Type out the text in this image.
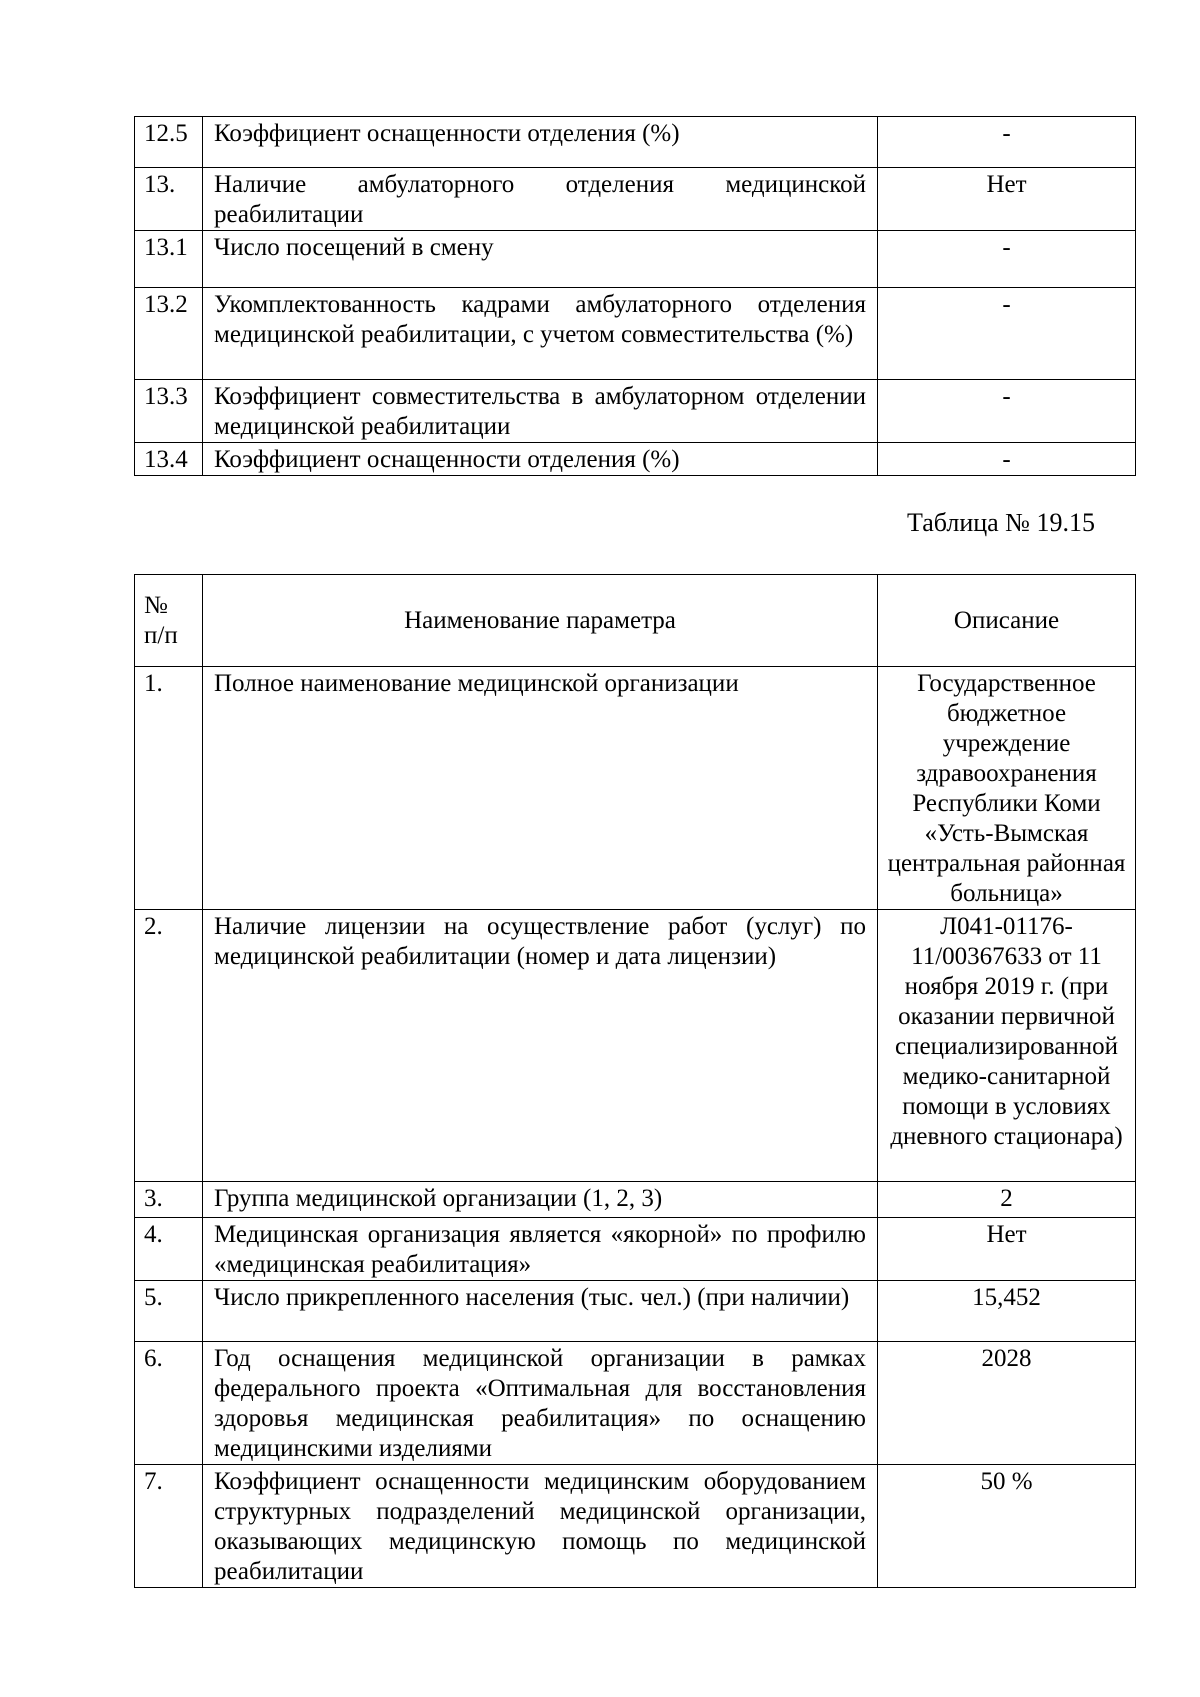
12.5	Коэффициент оснащенности отделения (%)	-
13.	Наличие амбулаторного отделения медицинской реабилитации	Нет
13.1	Число посещений в смену	-
13.2	Укомплектованность кадрами амбулаторного отделения медицинской реабилитации, с учетом совместительства (%)	-
13.3	Коэффициент совместительства в амбулаторном отделении медицинской реабилитации	-
13.4	Коэффициент оснащенности отделения (%)	-

Таблица № 19.15

№
п/п	Наименование параметра	Описание
1.	Полное наименование медицинской организации	Государственное бюджетное учреждение здравоохранения Республики Коми «Усть-Вымская центральная районная больница»
2.	Наличие лицензии на осуществление работ (услуг) по медицинской реабилитации (номер и дата лицензии)	Л041-01176-11/00367633 от 11 ноября 2019 г. (при оказании первичной специализированной медико-санитарной помощи в условиях дневного стационара)
3.	Группа медицинской организации (1, 2, 3)	2
4.	Медицинская организация является «якорной» по профилю «медицинская реабилитация»	Нет
5.	Число прикрепленного населения (тыс. чел.) (при наличии)	15,452
6.	Год оснащения медицинской организации в рамках федерального проекта «Оптимальная для восстановления здоровья медицинская реабилитация» по оснащению медицинскими изделиями	2028
7.	Коэффициент оснащенности медицинским оборудованием структурных подразделений медицинской организации, оказывающих медицинскую помощь по медицинской реабилитации	50 %
